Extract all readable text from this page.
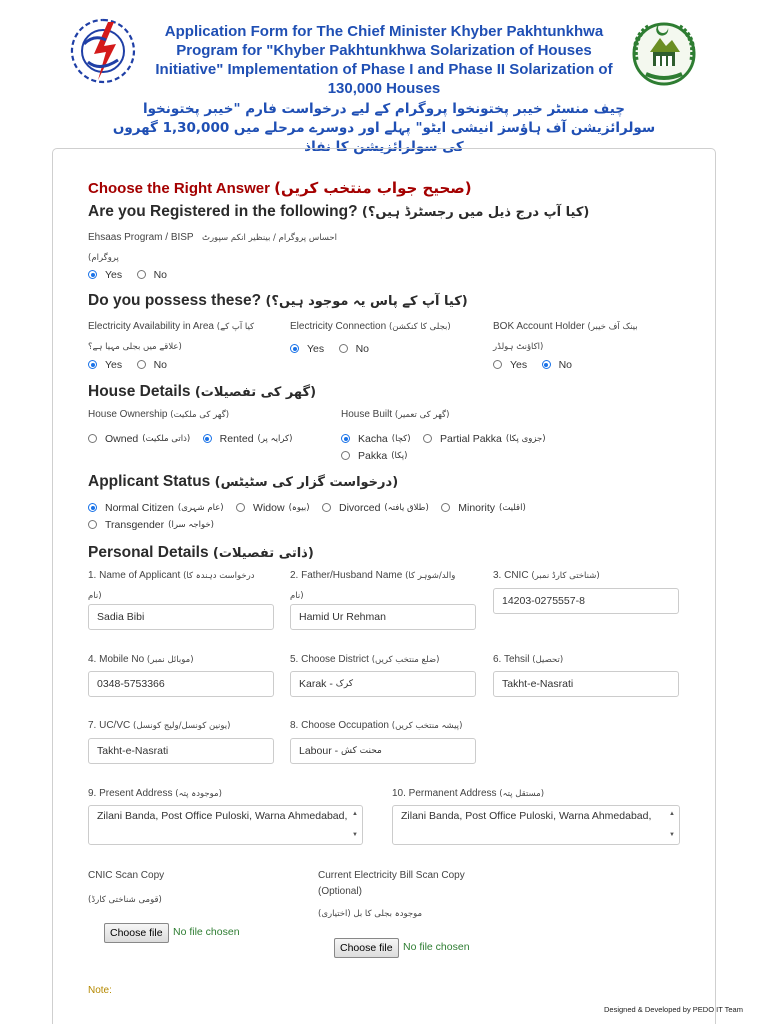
Application Form for The Chief Minister Khyber Pakhtunkhwa Program for "Khyber Pakhtunkhwa Solarization of Houses Initiative" Implementation of Phase I and Phase II Solarization of 130,000 Houses
چیف منسٹر خیبر پختونخوا پروگرام کے لیے درخواست فارم "خیبر پختونخوا
سولرائزیشن آف ہاؤسز انیشی ایٹو" پہلے اور دوسرے مرحلے میں 1,30,000 گھروں
کی سولرائزیشن کا نفاذ
Choose the Right Answer (صحیح جواب منتخب کریں)
Are you Registered in the following? (کیا آپ درج ذیل میں رجسٹرڈ ہیں؟)
Ehsaas Program / BISP احساس پروگرام / بینظیر انکم سپورٹ
(پروگرام
Yes
	No
Do you possess these? (کیا آپ کے پاس یہ موجود ہیں؟)
Electricity Availability in Area (کیا آپ کے
علاقے میں بجلی مہیا ہے؟)
Yes
	No
Electricity Connection (بجلی کا کنکشن)
Yes
	No
BOK Account Holder (بینک آف خیبر
اکاؤنٹ ہولڈر)
Yes
	No
House Details (گھر کی تفصیلات)
House Ownership (گھر کی ملکیت)
Owned (ذاتی ملکیت)
	Rented (کرایہ پر)
House Built (گھر کی تعمیر)
Kacha (کچا)
	Partial Pakka (جزوی پکا)
Pakka (پکا)
Applicant Status (درخواست گزار کی سٹیٹس)
Normal Citizen (عام شہری)
	Widow (بیوہ)
	Divorced (طلاق یافتہ)
	Minority (اقلیت)
Transgender (خواجہ سرا)
Personal Details (ذاتی تفصیلات)
1. Name of Applicant (درخواست دہندہ کا
نام)
Sadia Bibi
2. Father/Husband Name (والد/شوہر کا
نام)
Hamid Ur Rehman
3. CNIC (شناختی کارڈ نمبر)
14203-0275557-8
4. Mobile No (موبائل نمبر)
0348-5753366
5. Choose District (ضلع منتخب کریں)
Karak -
کرک
6. Tehsil (تحصیل)
Takht-e-Nasrati
7. UC/VC (یونین کونسل/ولیج کونسل)
Takht-e-Nasrati
8. Choose Occupation (پیشہ منتخب کریں)
Labour -
محنت کش
9. Present Address (موجودہ پتہ)
Zilani Banda, Post Office Puloski, Warna Ahmedabad,
▲ ▼
10. Permanent Address (مستقل پتہ)
Zilani Banda, Post Office Puloski, Warna Ahmedabad,
▲ ▼
CNIC Scan Copy
(قومی شناختی کارڈ)
Choose file No file chosen
Current Electricity Bill Scan Copy
(Optional)
موجودہ بجلی کا بل (اختیاری)
Choose file No file chosen
Note:
Designed & Developed by PEDO IT Team
